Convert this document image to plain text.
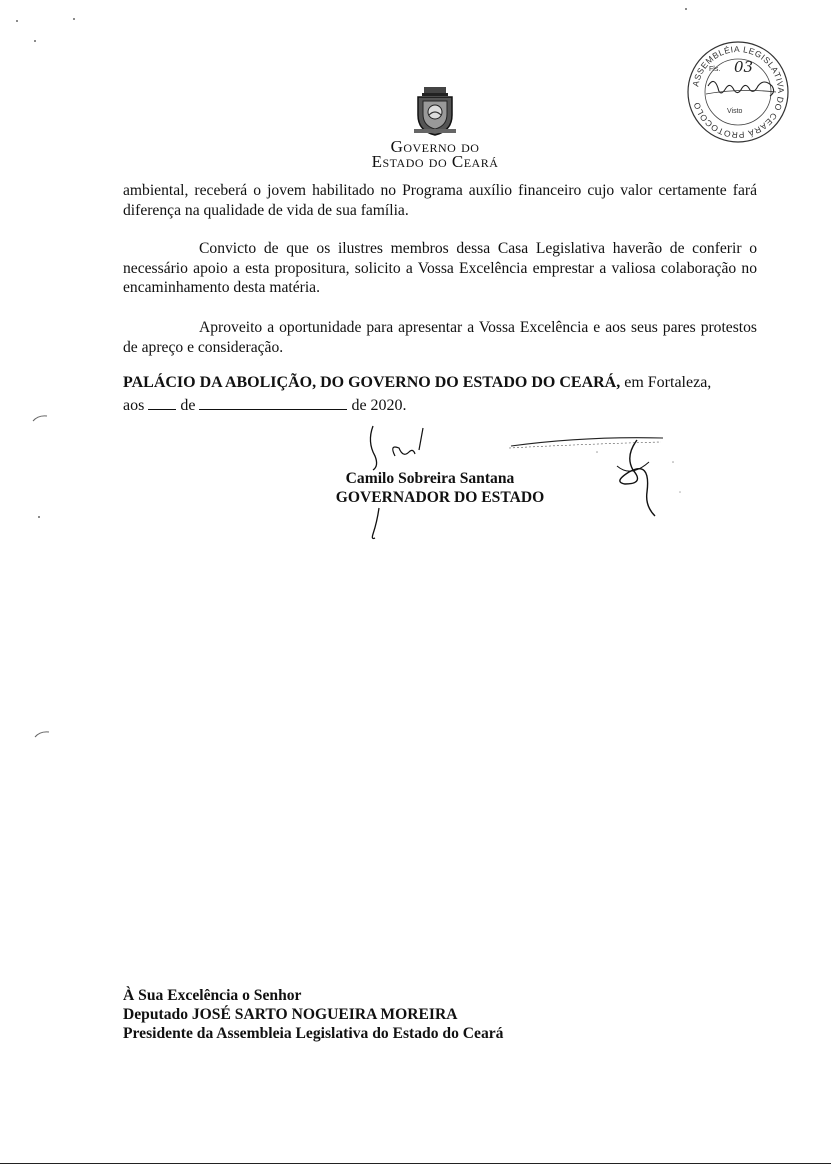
Governo do
Estado do Ceará
ASSEMBLÉIA LEGISLATIVA DO CEARÁ PROTOCOLO
Fls. 03
Visto

ambiental, receberá o jovem habilitado no Programa auxílio financeiro cujo valor certamente fará diferença na qualidade de vida de sua família.

Convicto de que os ilustres membros dessa Casa Legislativa haverão de conferir o necessário apoio a esta propositura, solicito a Vossa Excelência emprestar a valiosa colaboração no encaminhamento desta matéria.

Aproveito a oportunidade para apresentar a Vossa Excelência e aos seus pares protestos de apreço e consideração.

PALÁCIO DA ABOLIÇÃO, DO GOVERNO DO ESTADO DO CEARÁ, em Fortaleza,

aos de	de 2020.
Camilo Sobreira Santana
GOVERNADOR DO ESTADO
À Sua Excelência o Senhor
Deputado JOSÉ SARTO NOGUEIRA MOREIRA
Presidente da Assembleia Legislativa do Estado do Ceará
